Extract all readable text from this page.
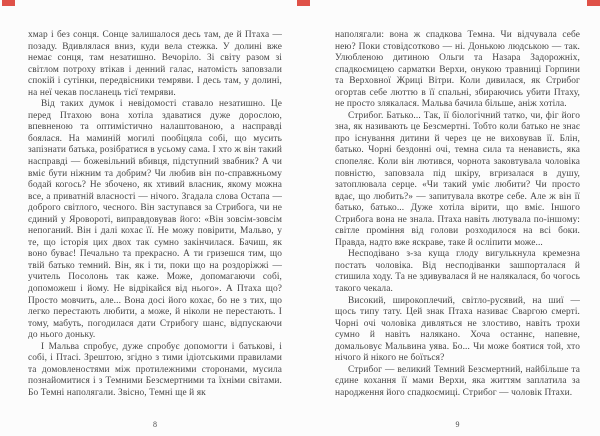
хмар і без сонця. Сонце залишалося десь там, де й Птаха — позаду. Вдивлялася вниз, куди вела стежка. У долині вже немає сонця, там незатишно. Вечоріло. Зі світу разом зі світлом потроху втікав і денний галас, натомість заповзали спокій і сутінки, передвісники темряви. І десь там, у долині, на неї чекав посланець тієї темряви.

Від таких думок і невідомості ставало незатишно. Це перед Птахою вона хотіла здаватися дуже дорослою, впевненою та оптимістично налаштованою, а насправді боялася. На маминій могилі пообіцяла собі, що мусить запізнати батька, розібратися в усьому сама. І хто ж він такий насправді — божевільний вбивця, підступний звабник? А чи вміє бути ніжним та добрим? Чи любив він по-справжньому бодай когось? Не збочено, як хтивий власник, якому можна все, а приватній власності — нічого. Згадала слова Остапа — доброго світлого, чесного. Він заступався за Стрибога, чи не єдиний у Яровороті, виправдовував його: «Він зовсім-зовсім непоганий. Він і далі кохає її. Не можу повірити, Мальво, у те, що історія цих двох так сумно закінчилася. Бачиш, як воно буває! Печально та прекрасно. А ти гризешся тим, що твій батько темний. Він, як і ти, поки що на роздоріжжі — учитель Посолонь так каже. Може, допомагаючи собі, допоможеш і йому. Не відрікайся від нього». А Птаха що? Просто мовчить, але... Вона досі його кохає, бо не з тих, що легко перестають любити, а може, й ніколи не перестають. І тому, мабуть, погодилася дати Стрибогу шанс, відпускаючи до нього доньку.

І Мальва спробує, дуже спробує допомогти і батькові, і собі, і Птасі. Зрештою, згідно з тими ідіотськими правилами та домовленостями між протилежними сторонами, мусила познайомитися і з Темними Безсмертними та їхніми світами. Бо Темні наполягали. Звісно, Темні ще й як

8

наполягали: вона ж спадкова Темна. Чи відчувала себе нею? Поки стовідсотково — ні. Донькою людською — так. Улюбленою дитиною Ольги та Назара Задорожніх, спадкоємицею сарматки Верхи, онукою травниці Горпини та Верховної Жриці Вітри. Коли дивилася, як Стрибог огортав себе люттю в її спальні, збираючись убити Птаху, не просто злякалася. Мальва бачила більше, аніж хотіла.

Стрибог. Батько... Так, її біологічний татко, чи, фіг його зна, як називають це Безсмертні. Тобто коли батько не знає про існування дитини й через це не виховував її. Блін, батько. Чорні бездонні очі, темна сила та ненависть, яка спопеляє. Коли він лютився, чорнота заковтувала чоловіка повністю, заповзала під шкіру, вгризалася в душу, затоплювала серце. «Чи такий уміє любити? Чи просто вдає, що любить?» — запитувала вкотре себе. Але ж він її батько, батько... Дуже хотіла вірити, що вміє. Іншого Стрибога вона не знала. Птаха навіть лютувала по-іншому: світле проміння від голови розходилося на всі боки. Правда, надто вже яскраве, таке й осліпити може...

Несподівано з-за куща глоду вигулькнула кремезна постать чоловіка. Від несподіванки зашпорталася й стишила ходу. Та не здивувалася й не налякалася, бо чогось такого чекала.

Високий, широкоплечий, світло-русявий, на шиї — щось типу тату. Цей знак Птаха називає Сваргою смерті. Чорні очі чоловіка дивляться не злостиво, навіть трохи сумно й навіть налякано. Хоча останнє, напевне, домальовує Мальвина уява. Бо... Чи може боятися той, хто нічого й нікого не боїться?

Стрибог — великий Темний Безсмертний, найбільше та єдине кохання її мами Верхи, яка життям заплатила за народження його спадкоємиці. Стрибог — чоловік Птахи.

9
